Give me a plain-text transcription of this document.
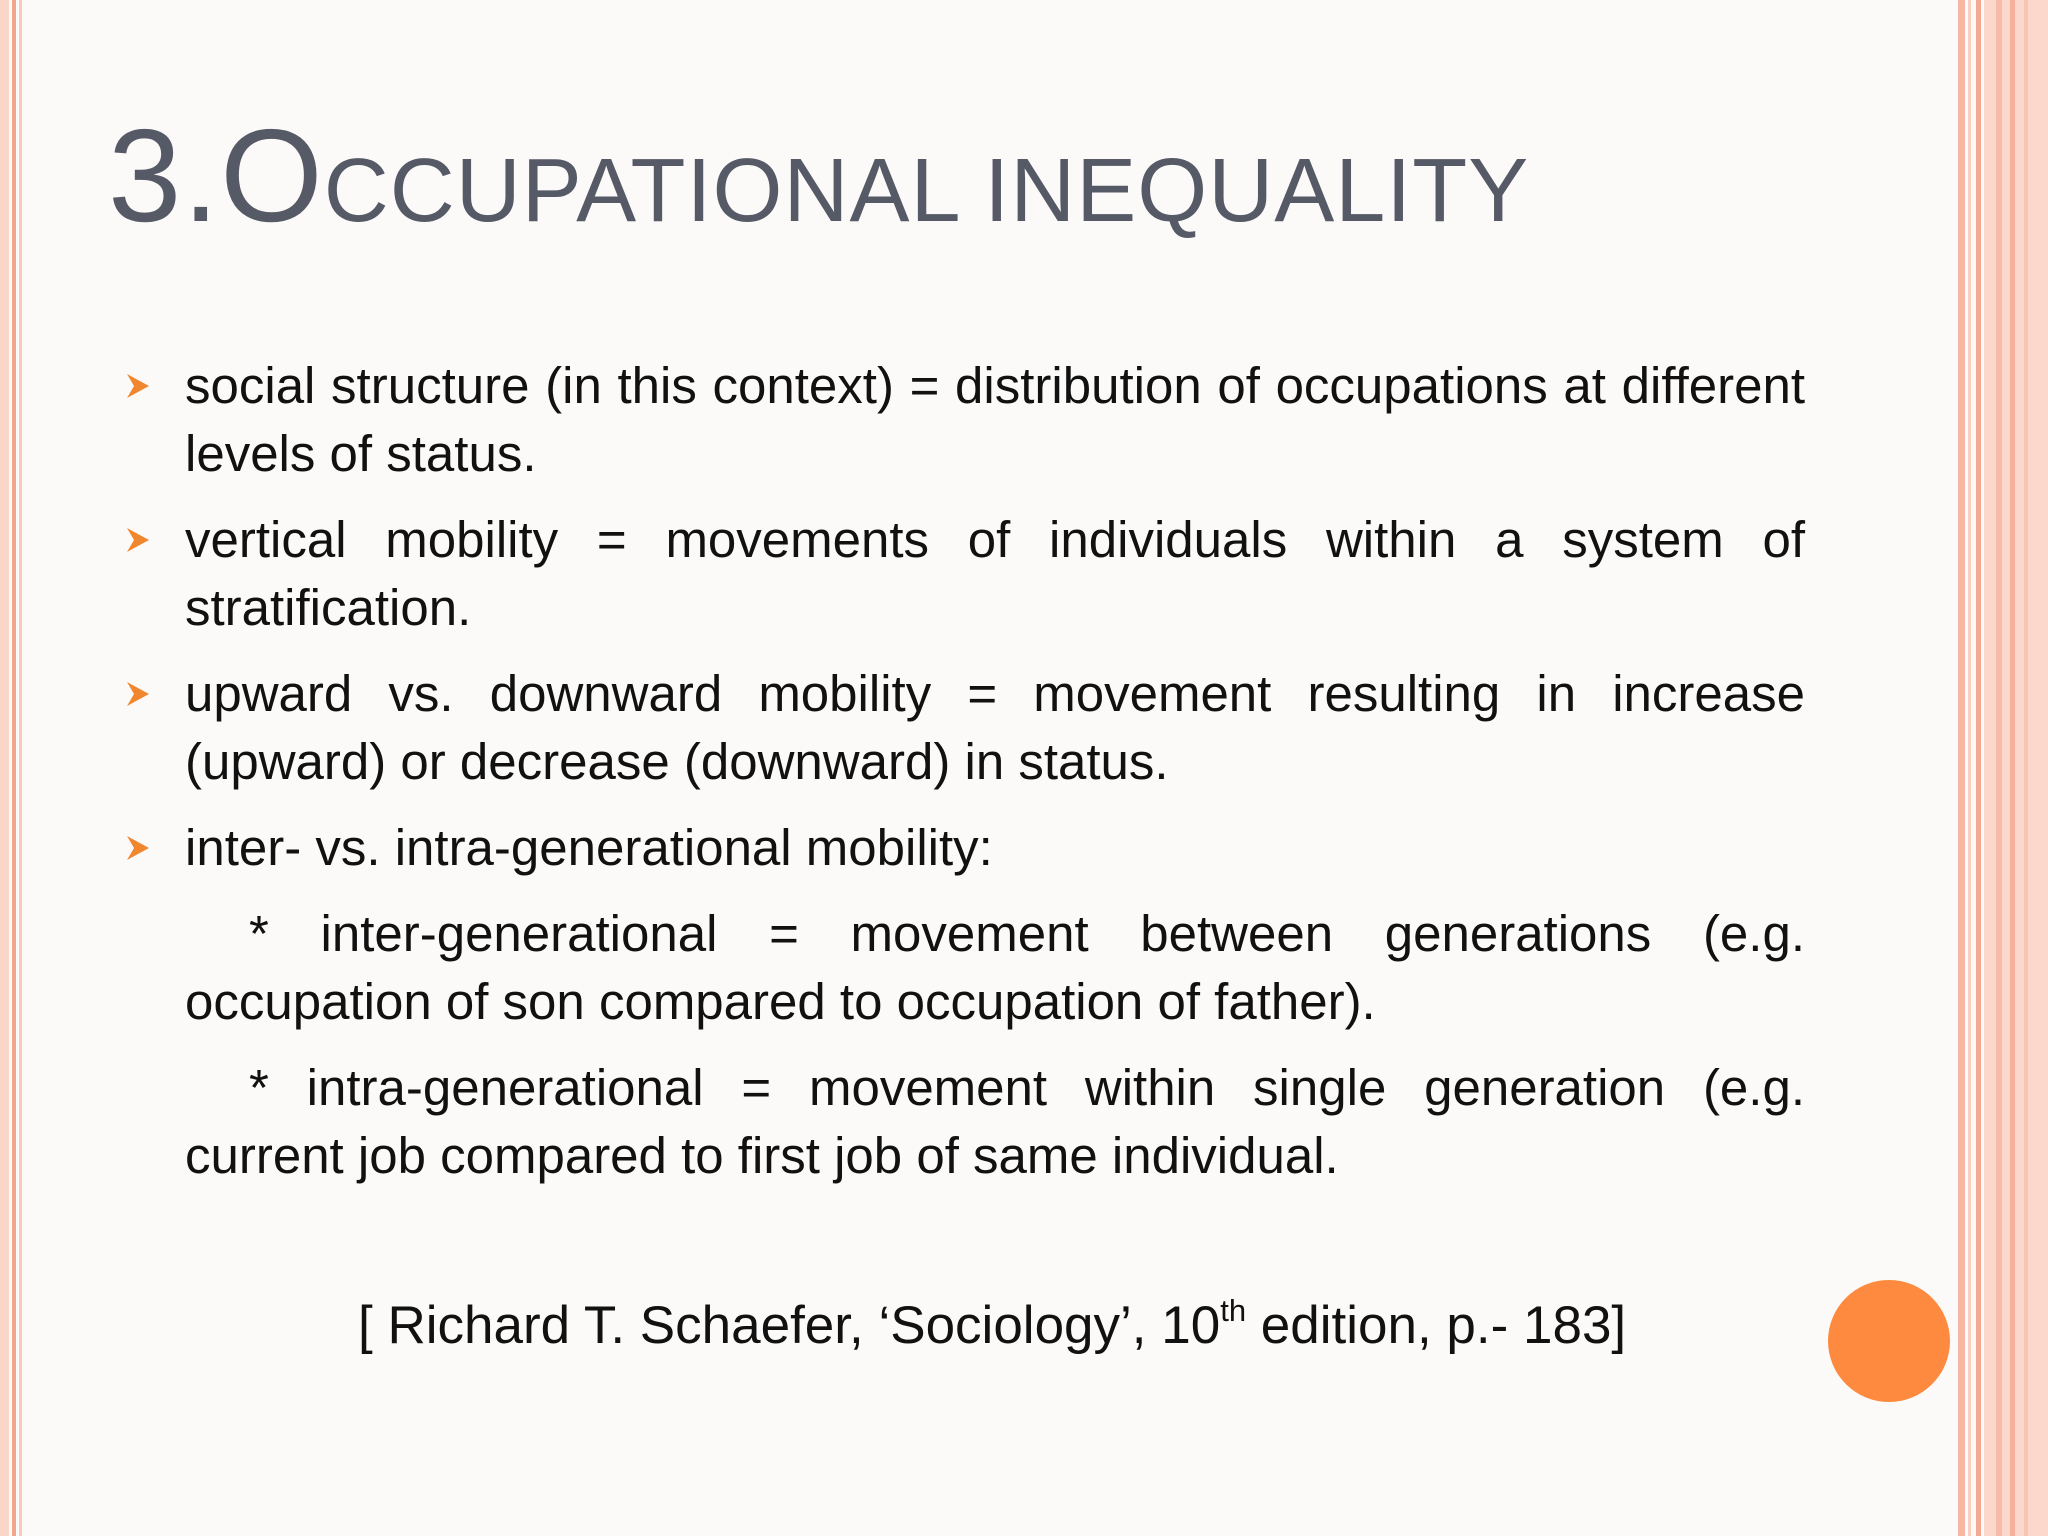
3.OCCUPATIONAL INEQUALITY
social structure (in this context) = distribution of occupations at different levels of status.
vertical mobility = movements of individuals within a system of stratification.
upward vs. downward mobility = movement resulting in increase (upward) or decrease (downward) in status.
inter- vs. intra-generational mobility:
* inter-generational = movement between generations (e.g. occupation of son compared to occupation of father).
* intra-generational = movement within single generation (e.g. current job compared to first job of same individual.
[ Richard T. Schaefer, ‘Sociology’, 10th edition, p.- 183]
